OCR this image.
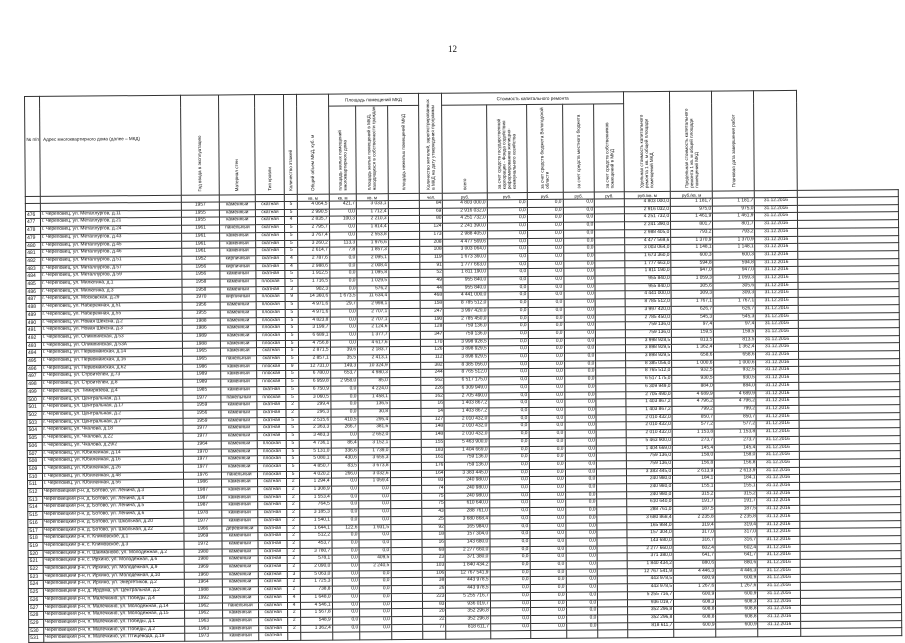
12
№ п/п	Адрес многоквартирного дома (далее – МКД)	Год ввода в эксплуатацию	Материал стен	Тип кровли	Количество этажей	Общий объем МКД, куб. м	Площадь помещений МКД			Количество жителей, зарегистрированных в МКД на дату утверждения программы	Стоимость капитального ремонта					Удельная стоимость капитального ремонта 1 кв. м общей площади помещений МКД	Предельная стоимость капитального ремонта 1 кв. м общей площади помещений МКД	Плановая дата завершения работ		

							площадь жилых помещений многоквартирного дома	площадь жилых помещений в МКД, находящихся в собственности граждан	площадь нежилых помещений МКД		всего	за счет средств государственной корпорации - Фонда содействия реформированию жилищно-коммунального хозяйства	за счет средств бюджета Вологодской области	за счет средств местного бюджета	за счет средств собственников помещений в МКД					

						кв. м	кв. м	кв. м		чел.	руб.	руб.	руб.	руб.	руб.	руб./кв. м	руб./кв. м			
		1957	каменный	скатная	5	4 064,5	421,7	3 033,1		84	4 803 000,0	0,0	0,0	0,0		4 803 000,0	1 181,7	1 181,7	31.12.2016	
476	г. Череповец, ул. Металлургов, д.11	1955	каменный	скатная	5	2 990,5	0,0	1 712,4		69	2 916 032,0	0,0	0,0	0,0		2 916 032,0	975,0	975,0	31.12.2016	
477	г. Череповец, ул. Металлургов, д.21	1955	каменный	скатная	4	2 835,7	100,3	2 210,3		80	4 251 732,0	0,0	0,0	0,0		4 251 732,0	1 461,9	1 461,9	31.12.2016	
478	г. Череповец, ул. Металлургов, д.24	1961	панельный	скатная	5	2 795,7	0,0	1 814,4		124	2 241 390,0	0,0	0,0	0,0		2 241 390,0	801,7	801,7	31.12.2016	
479	г. Череповец, ул. Металлургов, д.43	1961	каменный	скатная	5	3 767,4	0,0	2 553,8		173	2 988 405,0	0,0	0,0	0,0		2 988 405,0	793,2	793,2	31.12.2016	
480	г. Череповец, ул. Металлургов, д.45	1961	каменный	скатная	5	3 260,2	113,3	1 976,6		208	4 477 569,6	0,0	0,0	0,0		4 477 569,6	1 370,9	1 370,9	31.12.2016	
481	г. Череповец, ул. Металлургов, д.46	1961	каменный	скатная	5	2 614,7	7,8	1 857,3		108	3 003 064,0	0,0	0,0	0,0		3 003 064,0	1 148,1	1 148,1	31.12.2016	
482	г. Череповец, ул. Металлургов, д.51	1952	кирпичный	скатная	4	2 787,6	0,0	2 095,1		119	1 673 360,0	0,0	0,0	0,0		1 673 360,0	600,3	600,3	31.12.2016	
483	г. Череповец, ул. Металлургов, д.57	1956	кирпичный	скатная	4	2 988,6	0,0	2 008,4		91	1 777 663,0	0,0	0,0	0,0		1 777 663,0	594,8	594,8	31.12.2016	
484	г. Череповец, ул. Металлургов, д.59	1956	каменный	скатная	5	1 912,5	0,0	1 095,8		52	1 811 190,0	0,0	0,0	0,0		1 811 190,0	947,0	947,0	31.12.2016	
485	г. Череповец, ул. Милютина, д.1	1958	каменный	плоская	5	1 716,5	0,0	1 029,5		49	955 840,0	0,0	0,0	0,0		955 840,0	1 059,3	1 059,3	31.12.2016	
486	г. Череповец, ул. Милютина, д.3	1958	каменный	скатная	3	902,3	0,0	576,2		44	955 840,0	0,0	0,0	0,0		955 840,0	305,6	305,6	31.12.2016	
487	г. Череповец, ул. Московская, д.29	1970	кирпичный	плоская	9	14 360,6	1 673,5	11 634,4		468	4 441 000,0	0,0	0,0	0,0		4 441 000,0	309,3	309,3	31.12.2016	
488	г. Череповец, ул. Набережная, д.51	1956	каменный	плоская	5	4 971,6	29,7	2 998,1		158	8 785 512,0	0,0	0,0	0,0		8 785 512,0	1 767,1	1 767,1	31.12.2016	
489	г. Череповец, ул. Набережная, д.55	1955	каменный	плоская	5	4 971,6	0,0	2 707,1		247	3 997 420,0	0,0	0,0	0,0		3 997 420,0	626,7	626,7	31.12.2016	
490	г. Череповец, ул. Новая Шексна, д.2	1988	каменный	плоская	5	4 823,8	0,0	2 707,1		190	2 785 450,0	0,0	0,0	0,0		2 785 450,0	545,3	545,3	31.12.2016	
491	г. Череповец, ул. Новая Шексна, д.3	1986	каменный	плоская	5	3 199,7	0,0	2 124,6		128	759 136,0	0,0	0,0	0,0		759 136,0	97,4	97,4	31.12.2016	
492	г. Череповец, ул. Олимпийская, д.53	1989	каменный	плоская	5	6 689,1	0,0	1 377,7		347	759 136,0	0,0	0,0	0,0		759 136,0	159,5	159,5	31.12.2016	
493	г. Череповец, ул. Олимпийская, д.53А	1988	каменный	плоская	5	4 756,8	0,0	4 617,6		170	3 998 928,5	0,0	0,0	0,0		3 998 928,5	813,5	813,5	31.12.2016	
494	г. Череповец, ул. Первомайская, д.14	1965	каменный	скатная	5	2 871,5	39,6	2 183,7		126	3 898 929,5	0,0	0,0	0,0		3 898 929,5	1 362,4	1 362,4	31.12.2016	
495	г. Череповец, ул. Первомайская, д.16	1965	панельный	скатная	5	2 857,1	35,5	2 413,1		112	3 898 929,5	0,0	0,0	0,0		3 898 929,5	658,6	658,6	31.12.2016	
496	г. Череповец, ул. Первомайская, д.62	1986	каменный	плоская	9	12 731,0	149,3	10 324,9		382	8 385 056,0	0,0	0,0	0,0		8 385 056,0	1 000,6	1 000,6	31.12.2016	
497	г. Череповец, ул. Строителей, д.73	1989	каменный	плоская	5	6 780,0	653,7	4 980,3		244	8 765 512,0	0,0	0,0	0,0		8 765 512,0	932,5	932,5	31.12.2016	
498	г. Череповец, ул. Строителей, д.8	1989	каменный	плоская	5	6 959,8	2 958,0	85,0		562	6 517 175,0	0,0	0,0	0,0		6 517 175,0	930,5	930,5	31.12.2016	
499	г. Череповец, ул. Тимирязева, д.4	1985	каменный	скатная	5	6 750,9	0,0	4 224,0		226	6 309 949,0	0,0	0,0	0,0		6 309 949,0	884,0	884,0	31.12.2016	
500	г. Череповец, ул. Центральная, д.1	1977	панельный	плоская	5	3 060,5	0,0	1 458,1		162	2 705 490,0	0,0	0,0	0,0		2 705 490,0	4 689,9	4 689,9	31.12.2016	
501	г. Череповец, ул. Центральная, д.17	1959	каменный	скатная	2	299,4	0,0	136,5		16	1 403 867,2	0,0	0,0	0,0		1 403 867,2	4 796,2	4 796,2	31.12.2016	
502	г. Череповец, ул. Центральная, д.2	1956	каменный	скатная	2	296,3	0,0	30,8		14	1 403 867,2	0,0	0,0	0,0		1 403 867,2	799,2	799,2	31.12.2016	
503	г. Череповец, ул. Центральная, д.7	1959	каменный	скатная	5	2 515,6	410,5	295,4		127	2 010 432,0	0,0	0,0	0,0		2 010 432,0	850,7	850,7	31.12.2016	
504	г. Череповец, ул. Чкалова, д.18	1977	каменный	скатная	5	2 363,3	266,7	381,6		148	2 010 432,0	0,0	0,0	0,0		2 010 432,0	577,2	577,2	31.12.2016	
505	г. Череповец, ул. Чкалова, д.22	1977	каменный	скатная	5	3 483,3	0,0	2 652,0		148	2 010 432,0	0,0	0,0	0,0		2 010 432,0	1 153,8	1 153,8	31.12.2016	
506	г. Череповец, ул. Чкалова, д.29/2	1964	каменный	плоская	5	4 736,1	86,4	3 152,1		155	5 463 900,0	0,0	0,0	0,0		5 463 900,0	273,7	273,7	31.12.2016	
507	г. Череповец, ул. Юбилейная, д.14	1970	каменный	плоская	5	5 131,0	336,6	1 739,0		183	1 404 669,0	0,0	0,0	0,0		1 404 669,0	145,4	145,4	31.12.2016	
508	г. Череповец, ул. Юбилейная, д.16	1977	каменный	плоская	5	5 080,1	430,6	3 655,3		161	759 136,0	0,0	0,0	0,0		759 136,0	158,0	158,0	31.12.2016	
509	г. Череповец, ул. Юбилейная, д.26	1977	каменный	плоская	5	4 850,7	83,5	3 673,8		176	759 136,0	0,0	0,0	0,0		759 136,0	156,8	156,8	31.12.2016	
510	г. Череповец, ул. Юбилейная, д.48	1976	панельный	плоская	5	4 020,2	266,0	3 032,6		164	3 383 445,0	0,0	0,0	0,0		3 383 445,0	2 613,9	2 613,9	31.12.2016	
511	г. Череповец, ул. Юбилейная, д.56	1986	каменный	скатная	2	1 294,4	0,0	1 059,4		83	240 980,0	0,0	0,0	0,0		240 980,0	184,1	184,1	31.12.2016	
512	Череповецкий р-н, д. Ботово, ул. Ленина, д.3	1987	каменный	скатная	2	1 308,9	0,0	0,0		74	240 980,0	0,0	0,0	0,0		240 980,0	155,1	155,1	31.12.2016	
513	Череповецкий р-н, д. Ботово, ул. Ленина, д.4	1987	каменный	скатная	2	1 553,4	0,0	0,0		75	240 980,0	0,0	0,0	0,0		240 980,0	315,2	315,2	31.12.2016	
514	Череповецкий р-н, д. Ботово, ул. Ленина, д.5	1987	каменный	скатная	2	764,5	0,0	0,0		75	610 640,0	0,0	0,0	0,0		610 640,0	191,7	191,7	31.12.2016	
515	Череповецкий р-н, д. Ботово, ул. Ленина, д.6	1978	каменный	скатная	2	3 185,3	0,0	0,0		43	288 761,0	0,0	0,0	0,0		288 761,0	187,5	187,5	31.12.2016	
516	Череповецкий р-н, д. Ботово, ул. Школьная, д.20	1977	каменный	скатная	2	1 540,1	0,0	0,0		25	3 680 868,4	0,0	0,0	0,0		3 680 868,4	2 235,8	2 235,8	31.12.2016	
517	Череповецкий р-н, д. Ботово, ул. Школьная, д.22	1966	деревянный	скатная	2	1 644,1	122,6	1 931,5		92	165 984,0	0,0	0,0	0,0		165 984,0	319,4	319,4	31.12.2016	
518	Череповецкий р-н, п. Климовское, д.1	1969	каменный	скатная	2	512,2	0,0	0,0		18	157 304,0	0,0	0,0	0,0		157 304,0	317,0	317,0	31.12.2016	
519	Череповецкий р-н, с. Климовское, д.3	1972	каменный	скатная	2	453,7	0,0	0,0		16	143 680,0	0,0	0,0	0,0		143 680,0	316,7	316,7	31.12.2016	
520	Череповецкий р-н, п. Шайманово, ул. Молодежная, д.2	1980	каменный	скатная	2	3 780,7	0,0	0,0		68	2 277 660,0	0,0	0,0	0,0		2 277 660,0	602,4	602,4	31.12.2016	
521	Череповецкий р-н, с. Ирхино, ул. Молодежная, д.6	1980	каменный	скатная	2	578,1	0,0	409,5		23	371 380,0	0,0	0,0	0,0		371 380,0	641,7	641,7	31.12.2016	
522	Череповецкий р-н, п. Ирхино, ул. Молодежная, д.9	1969	каменный	скатная	2	2 090,0	0,0	2 240,5		103	1 840 434,2	0,0	0,0	0,0		1 840 434,2	880,6	880,6	31.12.2016	
523	Череповецкий р-н, п. Ирхино, ул. Молодежная, д.10	1960	каменный	скатная	3	5 063,0	0,0	0,0		106	12 767 541,9	0,0	0,0	0,0		12 767 541,9	4 446,3	4 446,3	31.12.2016	
524	Череповецкий р-н, п. Ирхино, ул. Энергетиков, д.2	1964	каменный	скатная	2	1 725,3	0,0	0,0		38	443 978,5	0,0	0,0	0,0		443 978,5	600,9	600,9	31.12.2016	
525	Череповецкий р-н, д. Ирдома, ул. Центральная, д.2	1988	каменный	скатная	2	738,8	0,0	0,0		26	443 978,5	0,0	0,0	0,0		443 978,5	1 267,6	1 267,6	31.12.2016	
526	Череповецкий р-н, п. Малечкино, ул. Победы, д.4	1992	каменный	скатная	4	1 648,0	0,0	0,0		223	5 255 716,7	0,0	0,0	0,0		5 255 716,7	600,9	600,9	31.12.2016	
527	Череповецкий р-н, п. Малечкино, ул. Молодежная, д.14	1962	панельный	скатная	4	4 546,1	0,0	0,0		83	936 019,7	0,0	0,0	0,0		936 019,7	608,3	608,3	31.12.2016	
528	Череповецкий р-н, п. Малечкино, ул. Молодежная, д.15	1962	каменный	скатная	2	1 567,8	0,0	0,0		20	352 296,8	0,0	0,0	0,0		352 296,8	608,8	608,8	31.12.2016	
529	Череповецкий р-н, п. Малечкино, ул. Победы, д.1	1963	каменный	скатная	2	548,9	0,0	0,0		22	352 296,8	0,0	0,0	0,0		352 296,8	608,8	608,8	31.12.2016	
530	Череповецкий р-н, п. Малечкино, ул. Победы, д.2	1963	каменный	скатная	2	1 362,4	0,0	0,0		77	818 611,7	0,0	0,0	0,0		818 611,7	600,9	600,9	31.12.2016	
531	Череповецкий р-н, п. Малечкино, ул. Птицевода, д.19	1973	каменный	скатная																
